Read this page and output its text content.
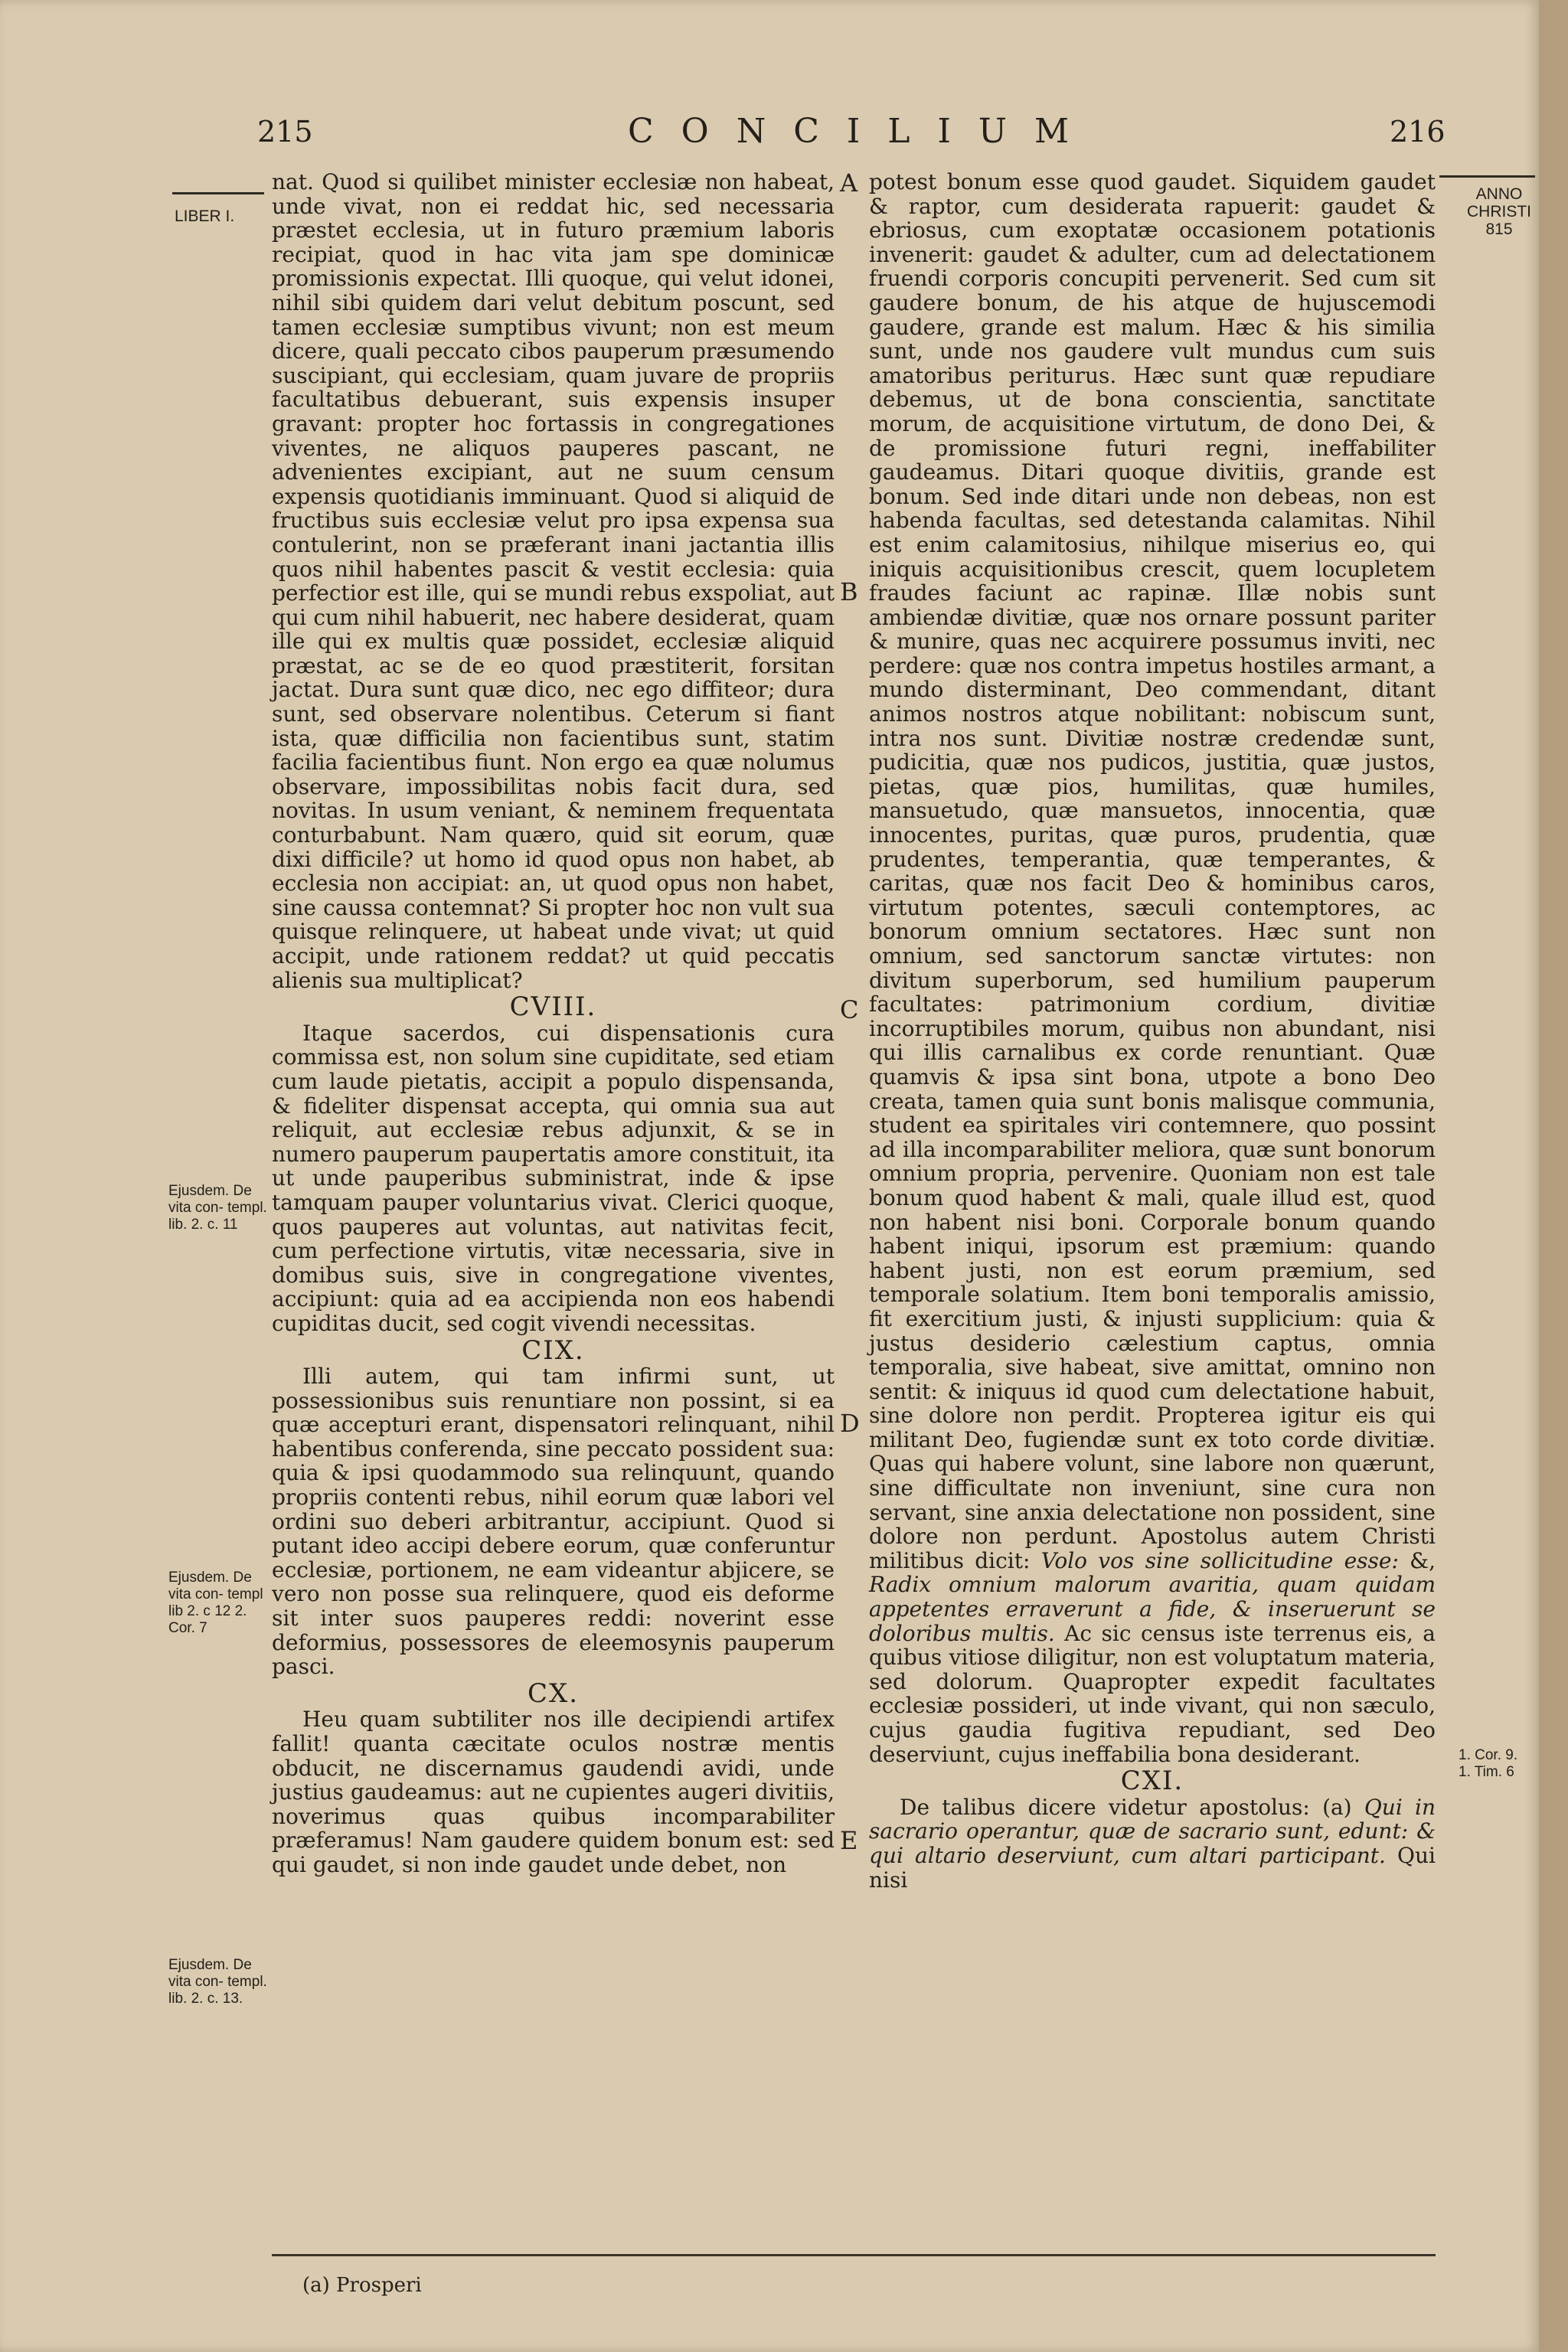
215	CONCILIUM	216
LIBER I.
ANNO CHRISTI
815
Ejusdem. De vita con- templ. lib. 2. c. 11
Ejusdem. De vita con- templ lib 2. c 12 2. Cor. 7
Ejusdem. De vita con- templ. lib. 2. c. 13.
1. Cor. 9. 1. Tim. 6
A
B
C
D
E

nat. Quod si quilibet minister ecclesiæ non habeat, unde vivat, non ei reddat hic, sed necessaria præstet ecclesia, ut in futuro præmium laboris recipiat, quod in hac vita jam spe dominicæ promissionis expectat. Illi quoque, qui velut idonei, nihil sibi quidem dari velut debitum poscunt, sed tamen ecclesiæ sumptibus vivunt; non est meum dicere, quali peccato cibos pauperum præsumendo suscipiant, qui ecclesiam, quam juvare de propriis facultatibus debuerant, suis expensis insuper gravant: propter hoc fortassis in congregationes viventes, ne aliquos pauperes pascant, ne advenientes excipiant, aut ne suum censum expensis quotidianis imminuant. Quod si aliquid de fructibus suis ecclesiæ velut pro ipsa expensa sua contulerint, non se præferant inani jactantia illis quos nihil habentes pascit & vestit ecclesia: quia perfectior est ille, qui se mundi rebus exspoliat, aut qui cum nihil habuerit, nec habere desiderat, quam ille qui ex multis quæ possidet, ecclesiæ aliquid præstat, ac se de eo quod præstiterit, forsitan jactat. Dura sunt quæ dico, nec ego diffiteor; dura sunt, sed observare nolentibus. Ceterum si fiant ista, quæ difficilia non facientibus sunt, statim facilia facientibus fiunt. Non ergo ea quæ nolumus observare, impossibilitas nobis facit dura, sed novitas. In usum veniant, & neminem frequentata conturbabunt. Nam quæro, quid sit eorum, quæ dixi difficile? ut homo id quod opus non habet, ab ecclesia non accipiat: an, ut quod opus non habet, sine caussa contemnat? Si propter hoc non vult sua quisque relinquere, ut habeat unde vivat; ut quid accipit, unde rationem reddat? ut quid peccatis alienis sua multiplicat?

CVIII.

Itaque sacerdos, cui dispensationis cura commissa est, non solum sine cupiditate, sed etiam cum laude pietatis, accipit a populo dispensanda, & fideliter dispensat accepta, qui omnia sua aut reliquit, aut ecclesiæ rebus adjunxit, & se in numero pauperum paupertatis amore constituit, ita ut unde pauperibus subministrat, inde & ipse tamquam pauper voluntarius vivat. Clerici quoque, quos pauperes aut voluntas, aut nativitas fecit, cum perfectione virtutis, vitæ necessaria, sive in domibus suis, sive in congregatione viventes, accipiunt: quia ad ea accipienda non eos habendi cupiditas ducit, sed cogit vivendi necessitas.

CIX.

Illi autem, qui tam infirmi sunt, ut possessionibus suis renuntiare non possint, si ea quæ accepturi erant, dispensatori relinquant, nihil habentibus conferenda, sine peccato possident sua: quia & ipsi quodammodo sua relinquunt, quando propriis contenti rebus, nihil eorum quæ labori vel ordini suo deberi arbitrantur, accipiunt. Quod si putant ideo accipi debere eorum, quæ conferuntur ecclesiæ, portionem, ne eam videantur abjicere, se vero non posse sua relinquere, quod eis deforme sit inter suos pauperes reddi: noverint esse deformius, possessores de eleemosynis pauperum pasci.

CX.

Heu quam subtiliter nos ille decipiendi artifex fallit! quanta cæcitate oculos nostræ mentis obducit, ne discernamus gaudendi avidi, unde justius gaudeamus: aut ne cupientes augeri divitiis, noverimus quas quibus incomparabiliter præferamus! Nam gaudere quidem bonum est: sed qui gaudet, si non inde gaudet unde debet, non

potest bonum esse quod gaudet. Siquidem gaudet & raptor, cum desiderata rapuerit: gaudet & ebriosus, cum exoptatæ occasionem potationis invenerit: gaudet & adulter, cum ad delectationem fruendi corporis concupiti pervenerit. Sed cum sit gaudere bonum, de his atque de hujuscemodi gaudere, grande est malum. Hæc & his similia sunt, unde nos gaudere vult mundus cum suis amatoribus periturus. Hæc sunt quæ repudiare debemus, ut de bona conscientia, sanctitate morum, de acquisitione virtutum, de dono Dei, & de promissione futuri regni, ineffabiliter gaudeamus. Ditari quoque divitiis, grande est bonum. Sed inde ditari unde non debeas, non est habenda facultas, sed detestanda calamitas. Nihil est enim calamitosius, nihilque miserius eo, qui iniquis acquisitionibus crescit, quem locupletem fraudes faciunt ac rapinæ. Illæ nobis sunt ambiendæ divitiæ, quæ nos ornare possunt pariter & munire, quas nec acquirere possumus inviti, nec perdere: quæ nos contra impetus hostiles armant, a mundo disterminant, Deo commendant, ditant animos nostros atque nobilitant: nobiscum sunt, intra nos sunt. Divitiæ nostræ credendæ sunt, pudicitia, quæ nos pudicos, justitia, quæ justos, pietas, quæ pios, humilitas, quæ humiles, mansuetudo, quæ mansuetos, innocentia, quæ innocentes, puritas, quæ puros, prudentia, quæ prudentes, temperantia, quæ temperantes, & caritas, quæ nos facit Deo & hominibus caros, virtutum potentes, sæculi contemptores, ac bonorum omnium sectatores. Hæc sunt non omnium, sed sanctorum sanctæ virtutes: non divitum superborum, sed humilium pauperum facultates: patrimonium cordium, divitiæ incorruptibiles morum, quibus non abundant, nisi qui illis carnalibus ex corde renuntiant. Quæ quamvis & ipsa sint bona, utpote a bono Deo creata, tamen quia sunt bonis malisque communia, student ea spiritales viri contemnere, quo possint ad illa incomparabiliter meliora, quæ sunt bonorum omnium propria, pervenire. Quoniam non est tale bonum quod habent & mali, quale illud est, quod non habent nisi boni. Corporale bonum quando habent iniqui, ipsorum est præmium: quando habent justi, non est eorum præmium, sed temporale solatium. Item boni temporalis amissio, fit exercitium justi, & injusti supplicium: quia & justus desiderio cælestium captus, omnia temporalia, sive habeat, sive amittat, omnino non sentit: & iniquus id quod cum delectatione habuit, sine dolore non perdit. Propterea igitur eis qui militant Deo, fugiendæ sunt ex toto corde divitiæ. Quas qui habere volunt, sine labore non quærunt, sine difficultate non inveniunt, sine cura non servant, sine anxia delectatione non possident, sine dolore non perdunt. Apostolus autem Christi militibus dicit: Volo vos sine sollicitudine esse: &, Radix omnium malorum avaritia, quam quidam appetentes erraverunt a fide, & inseruerunt se doloribus multis. Ac sic census iste terrenus eis, a quibus vitiose diligitur, non est voluptatum materia, sed dolorum. Quapropter expedit facultates ecclesiæ possideri, ut inde vivant, qui non sæculo, cujus gaudia fugitiva repudiant, sed Deo deserviunt, cujus ineffabilia bona desiderant.

CXI.

De talibus dicere videtur apostolus: (a) Qui in sacrario operantur, quæ de sacrario sunt, edunt: & qui altario deserviunt, cum altari participant. Qui nisi

(a) Prosperi
